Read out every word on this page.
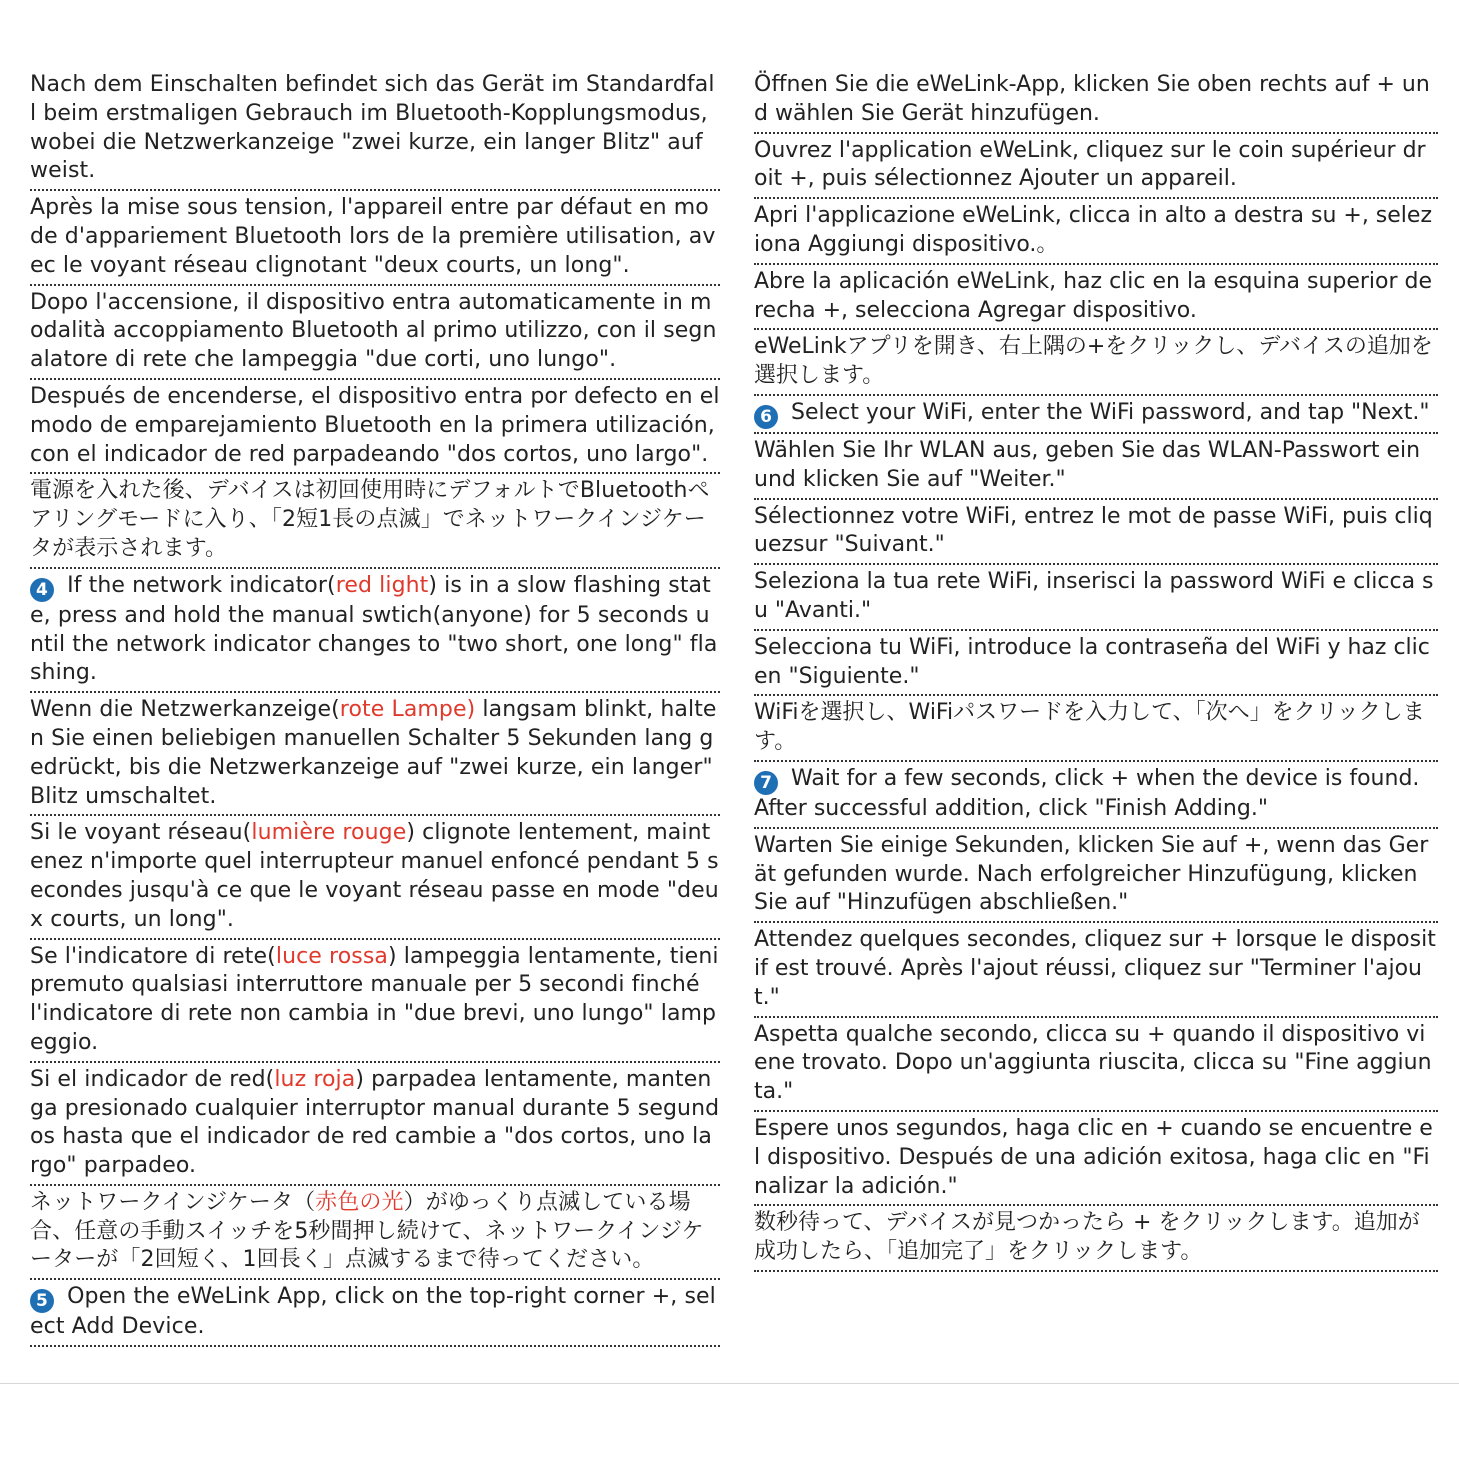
Nach dem Einschalten befindet sich das Gerät im Standardfall beim erstmaligen Gebrauch im Bluetooth-Kopplungsmodus, wobei die Netzwerkanzeige "zwei kurze, ein langer Blitz" aufweist.
Après la mise sous tension, l'appareil entre par défaut en mode d'appariement Bluetooth lors de la première utilisation, avec le voyant réseau clignotant "deux courts, un long".
Dopo l'accensione, il dispositivo entra automaticamente in modalità accoppiamento Bluetooth al primo utilizzo, con il segnalatore di rete che lampeggia "due corti, uno lungo".
Después de encenderse, el dispositivo entra por defecto en el modo de emparejamiento Bluetooth en la primera utilización, con el indicador de red parpadeando "dos cortos, uno largo".
電源を入れた後、デバイスは初回使用時にデフォルトでBluetoothペアリングモードに入り、「2短1長の点滅」でネットワークインジケータが表示されます。
4 If the network indicator(red light) is in a slow flashing state, press and hold the manual swtich(anyone) for 5 seconds until the network indicator changes to "two short, one long" flashing.
Wenn die Netzwerkanzeige(rote Lampe) langsam blinkt, halten Sie einen beliebigen manuellen Schalter 5 Sekunden lang gedrückt, bis die Netzwerkanzeige auf "zwei kurze, ein langer" Blitz umschaltet.
Si le voyant réseau(lumière rouge) clignote lentement, maintenez n'importe quel interrupteur manuel enfoncé pendant 5 secondes jusqu'à ce que le voyant réseau passe en mode "deux courts, un long".
Se l'indicatore di rete(luce rossa) lampeggia lentamente, tieni premuto qualsiasi interruttore manuale per 5 secondi finché l'indicatore di rete non cambia in "due brevi, uno lungo" lampeggio.
Si el indicador de red(luz roja) parpadea lentamente, mantenga presionado cualquier interruptor manual durante 5 segundos hasta que el indicador de red cambie a "dos cortos, uno largo" parpadeo.
ネットワークインジケータ（赤色の光）がゆっくり点滅している場合、任意の手動スイッチを5秒間押し続けて、ネットワークインジケーターが「2回短く、1回長く」点滅するまで待ってください。
5 Open the eWeLink App, click on the top-right corner +, select Add Device.
Öffnen Sie die eWeLink-App, klicken Sie oben rechts auf + und wählen Sie Gerät hinzufügen.
Ouvrez l'application eWeLink, cliquez sur le coin supérieur droit +, puis sélectionnez Ajouter un appareil.
Apri l'applicazione eWeLink, clicca in alto a destra su +, seleziona Aggiungi dispositivo.。
Abre la aplicación eWeLink, haz clic en la esquina superior derecha +, selecciona Agregar dispositivo.
eWeLinkアプリを開き、右上隅の+をクリックし、デバイスの追加を選択します。
6 Select your WiFi, enter the WiFi password, and tap "Next."
Wählen Sie Ihr WLAN aus, geben Sie das WLAN-Passwort ein und klicken Sie auf "Weiter."
Sélectionnez votre WiFi, entrez le mot de passe WiFi, puis cliquezsur "Suivant."
Seleziona la tua rete WiFi, inserisci la password WiFi e clicca su "Avanti."
Selecciona tu WiFi, introduce la contraseña del WiFi y haz clic en "Siguiente."
WiFiを選択し、WiFiパスワードを入力して、「次へ」をクリックします。
7 Wait for a few seconds, click + when the device is found. After successful addition, click "Finish Adding."
Warten Sie einige Sekunden, klicken Sie auf +, wenn das Gerät gefunden wurde. Nach erfolgreicher Hinzufügung, klicken Sie auf "Hinzufügen abschließen."
Attendez quelques secondes, cliquez sur + lorsque le dispositif est trouvé. Après l'ajout réussi, cliquez sur "Terminer l'ajout."
Aspetta qualche secondo, clicca su + quando il dispositivo viene trovato. Dopo un'aggiunta riuscita, clicca su "Fine aggiunta."
Espere unos segundos, haga clic en + cuando se encuentre el dispositivo. Después de una adición exitosa, haga clic en "Finalizar la adición."
数秒待って、デバイスが見つかったら + をクリックします。追加が成功したら、「追加完了」をクリックします。
